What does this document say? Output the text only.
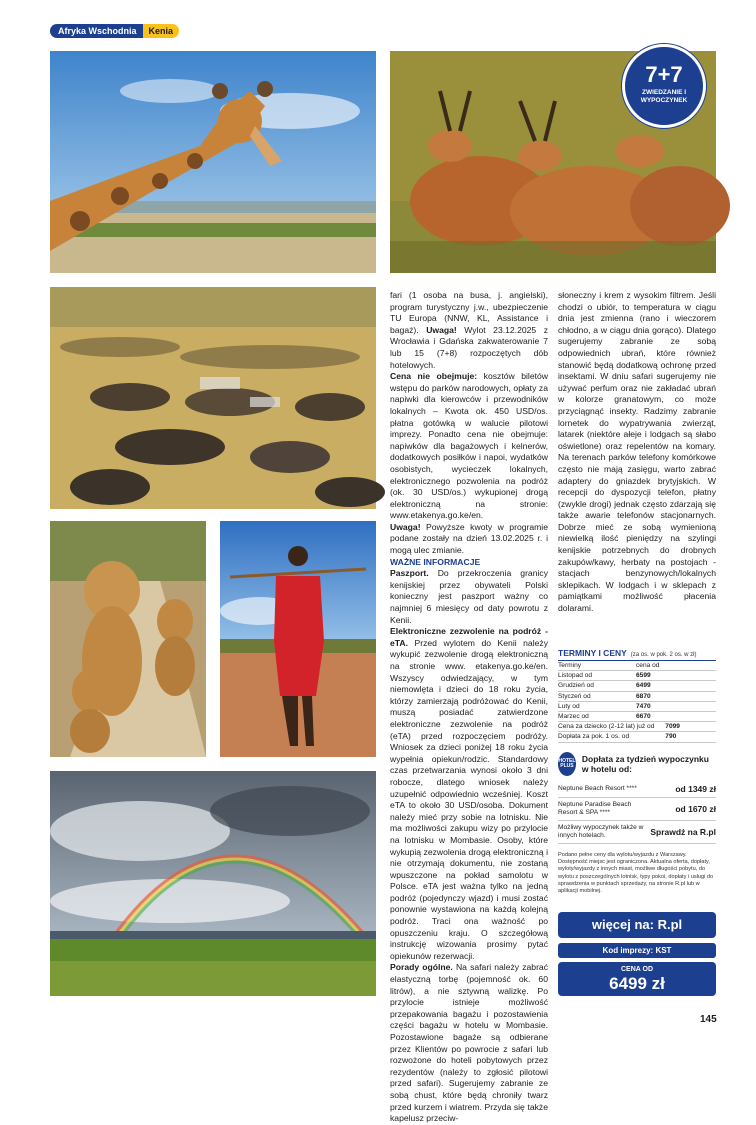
Afryka Wschodnia	Kenia
7+7
ZWIEDZANIE I WYPOCZYNEK

fari (1 osoba na busa, j. angielski), program turystyczny j.w., ubezpieczenie TU Europa (NNW, KL, Assistance i bagaż). Uwaga! Wylot 23.12.2025 z Wrocławia i Gdańska zakwaterowanie 7 lub 15 (7+8) rozpoczętych dób hotelowych.

Cena nie obejmuje: kosztów biletów wstępu do parków narodowych, opłaty za napiwki dla kierowców i przewodników lokalnych – Kwota ok. 450 USD/os. płatna gotówką w walucie pilotowi imprezy. Ponadto cena nie obejmuje: napiwków dla bagażowych i kelnerów, dodatkowych posiłków i napoi, wydatków osobistych, wycieczek lokalnych, elektronicznego pozwolenia na podróż (ok. 30 USD/os.) wykupionej drogą elektroniczną na stronie: www.etakenya.go.ke/en.

Uwaga! Powyższe kwoty w programie podane zostały na dzień 13.02.2025 r. i mogą ulec zmianie.

WAŻNE INFORMACJE

Paszport. Do przekroczenia granicy kenijskiej przez obywateli Polski konieczny jest paszport ważny co najmniej 6 miesięcy od daty powrotu z Kenii.

Elektroniczne zezwolenie na podróż - eTA. Przed wylotem do Kenii należy wykupić zezwolenie drogą elektroniczną na stronie www. etakenya.go.ke/en. Wszyscy odwiedzający, w tym niemowlęta i dzieci do 18 roku życia, którzy zamierzają podróżować do Kenii, muszą posiadać zatwierdzone elektroniczne zezwolenie na podróż (eTA) przed rozpoczęciem podróży. Wniosek za dzieci poniżej 18 roku życia wypełnia opiekun/rodzic. Standardowy czas przetwarzania wynosi około 3 dni robocze, dlatego wniosek należy uzupełnić odpowiednio wcześniej. Koszt eTA to około 30 USD/osoba. Dokument należy mieć przy sobie na lotnisku. Nie ma możliwości zakupu wizy po przylocie na lotnisku w Mombasie. Osoby, które wykupią zezwolenia drogą elektroniczną i nie otrzymają dokumentu, nie zostaną wpuszczone na pokład samolotu w Polsce. eTA jest ważna tylko na jedną podróż (pojedynczy wjazd) i musi zostać ponownie wystawiona na każdą kolejną podróż. Traci ona ważność po opuszczeniu kraju. O szczegółową instrukcję wizowania prosimy pytać opiekunów rezerwacji.

Porady ogólne. Na safari należy zabrać elastyczną torbę (pojemność ok. 60 litrów), a nie sztywną walizkę. Po przylocie istnieje możliwość przepakowania bagażu i pozostawienia części bagażu w hotelu w Mombasie. Pozostawione bagaże są odbierane przez Klientów po powrocie z safari lub rozwożone do hoteli pobytowych przez rezydentów (należy to zgłosić pilotowi przed safari). Sugerujemy zabranie ze sobą chust, które będą chroniły twarz przed kurzem i wiatrem. Przyda się także kapelusz przeciw-

słoneczny i krem z wysokim filtrem. Jeśli chodzi o ubiór, to temperatura w ciągu dnia jest zmienna (rano i wieczorem chłodno, a w ciągu dnia gorąco). Dlatego sugerujemy zabranie ze sobą odpowiednich ubrań, które również stanowić będą dodatkową ochronę przed insektami. W dniu safari sugerujemy nie używać perfum oraz nie zakładać ubrań w kolorze granatowym, co może przyciągnąć insekty. Radzimy zabranie lornetek do wypatrywania zwierząt, latarek (niektóre ałeje i lodgach są słabo oświetlone) oraz repelentów na komary. Na terenach parków telefony komórkowe często nie mają zasięgu, warto zabrać adaptery do gniazdek brytyjskich. W recepcji do dyspozycji telefon, płatny (zwykle drogi) jednak często zdarzają się także awarie telefonów stacjonarnych. Dobrze mieć ze sobą wymienioną niewielką ilość pieniędzy na szylingi kenijskie potrzebnych do drobnych zakupów/kawy, herbaty na postojach - stacjach benzynowych/lokalnych sklepikach. W lodgach i w sklepach z pamiątkami możliwość płacenia dolarami.

TERMINY I CENY (za os. w pok. 2 os. w zł)
Terminy	cena od
Listopad od	6599
Grudzień od	6499
Styczeń od	6870
Luty od	7470
Marzec od	6670
Cena za dziecko (2-12 lat) już od	7099
Dopłata za pok. 1 os. od	790
HOTEL PLUS
Dopłata za tydzień wypoczynku w hotelu od:
Neptune Beach Resort ****	od 1349 zł
Neptune Paradise Beach Resort & SPA ****	od 1670 zł
Możliwy wypoczynek także w innych hotelach.	Sprawdź na R.pl
Podano pełne ceny dla wylotu/wyjazdu z Warszawy. Dostępność miejsc jest ograniczona. Aktualna oferta, dopłaty, wyloty/wyjazdy z innych miast, możliwe długości pobytu, do wylotu z poszczególnych lotnisk, typy pokoi, dopłaty i usługi do sprawdzenia w punktach sprzedaży, na stronie R.pl lub w aplikacji mobilnej.
więcej na: R.pl
Kod imprezy: KST
CENA OD
6499 zł
145
